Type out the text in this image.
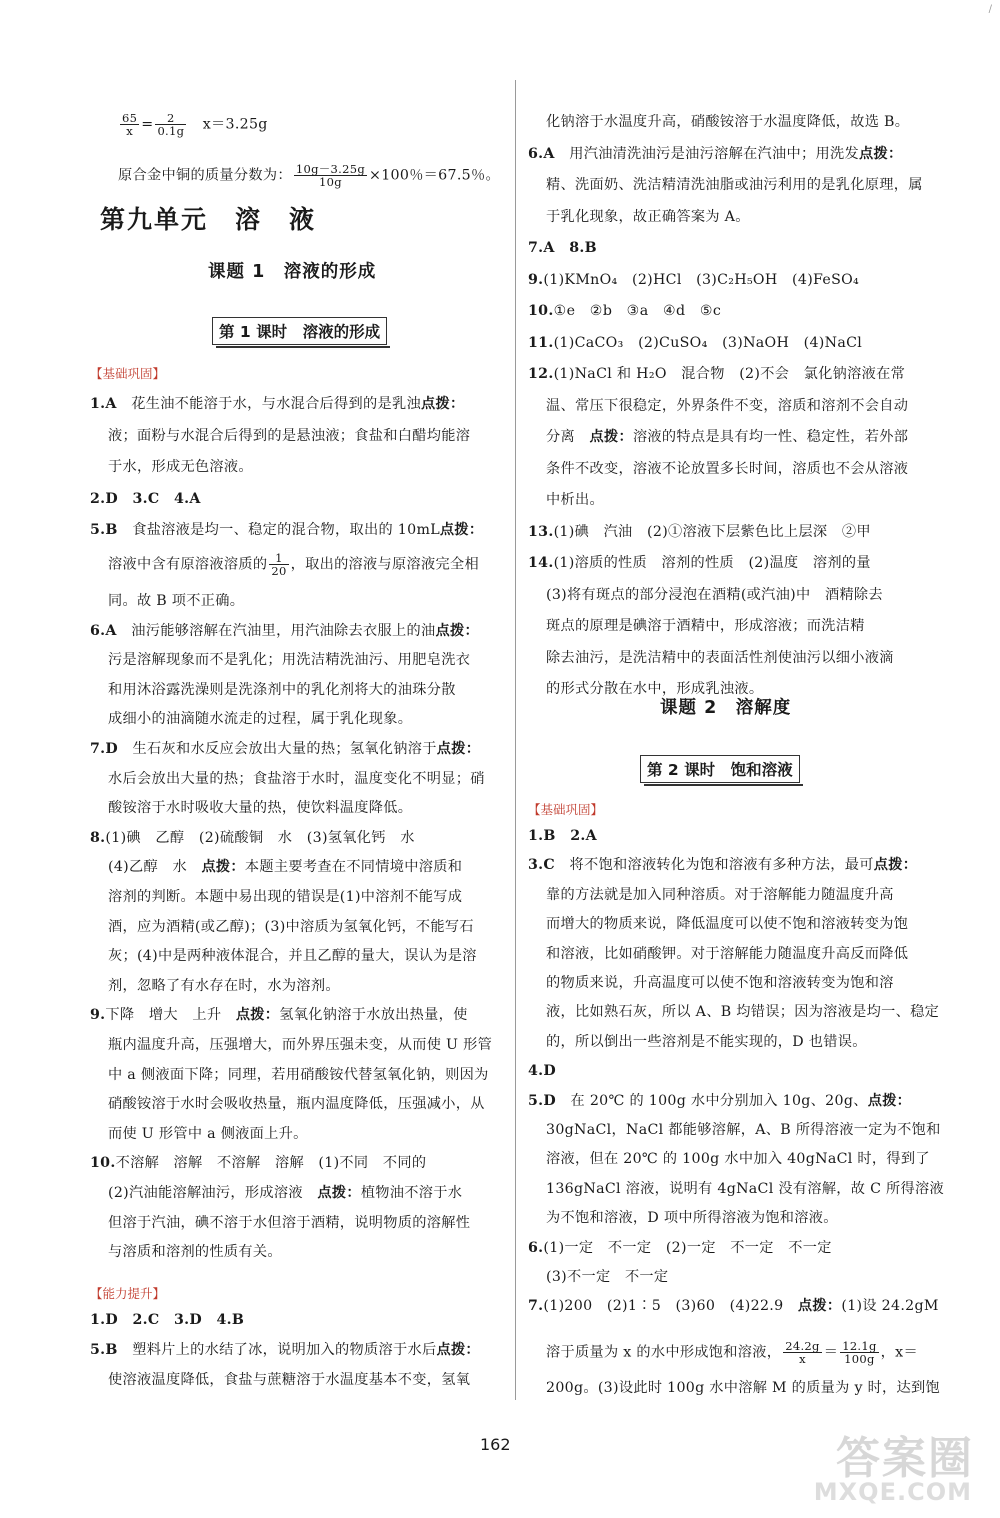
/
$\frac{65}{x} = \frac{2}{0.1g} x=3.25g$
原合金中铜的质量分数为： $\frac{10g-3.25g}{10g} \times 100$％＝67.5％。
第九单元　溶　液
课题 1　溶液的形成
第 1 课时　溶液的形成
【基础巩固】
1.A　花生油不能溶于水，与水混合后得到的是乳浊点拨：
液；面粉与水混合后得到的是悬浊液；食盐和白醋均能溶
于水，形成无色溶液。
2.D　3.C　4.A
5.B　食盐溶液是均一、稳定的混合物，取出的 10mL点拨：
溶液中含有原溶液溶质的 $\frac{1}{20}$ ，取出的溶液与原溶液完全相
同。故 B 项不正确。
6.A　油污能够溶解在汽油里，用汽油除去衣服上的油点拨：
污是溶解现象而不是乳化；用洗洁精洗油污、用肥皂洗衣
和用沐浴露洗澡则是洗涤剂中的乳化剂将大的油珠分散
成细小的油滴随水流走的过程，属于乳化现象。
7.D　生石灰和水反应会放出大量的热；氢氧化钠溶于点拨：
水后会放出大量的热；食盐溶于水时，温度变化不明显；硝
酸铵溶于水时吸收大量的热，使饮料温度降低。
8.(1)碘　乙醇　(2)硫酸铜　水　(3)氢氧化钙　水
(4)乙醇　水　点拨：本题主要考查在不同情境中溶质和
溶剂的判断。本题中易出现的错误是(1)中溶剂不能写成
酒，应为酒精(或乙醇)；(3)中溶质为氢氧化钙，不能写石
灰；(4)中是两种液体混合，并且乙醇的量大，误认为是溶
剂，忽略了有水存在时，水为溶剂。
9.下降　增大　上升　点拨：氢氧化钠溶于水放出热量，使
瓶内温度升高，压强增大，而外界压强未变，从而使 U 形管
中 a 侧液面下降；同理，若用硝酸铵代替氢氧化钠，则因为
硝酸铵溶于水时会吸收热量，瓶内温度降低，压强减小，从
而使 U 形管中 a 侧液面上升。
10.不溶解　溶解　不溶解　溶解　(1)不同　不同的
(2)汽油能溶解油污，形成溶液　点拨：植物油不溶于水
但溶于汽油，碘不溶于水但溶于酒精，说明物质的溶解性
与溶质和溶剂的性质有关。
【能力提升】
1.D　2.C　3.D　4.B
5.B　塑料片上的水结了冰，说明加入的物质溶于水后点拨：
使溶液温度降低，食盐与蔗糖溶于水温度基本不变，氢氧
化钠溶于水温度升高，硝酸铵溶于水温度降低，故选 B。
6.A　用汽油清洗油污是油污溶解在汽油中；用洗发点拨：
精、洗面奶、洗洁精清洗油脂或油污利用的是乳化原理，属
于乳化现象，故正确答案为 A。
7.A　8.B
9.(1)KMnO₄　(2)HCl　(3)C₂H₅OH　(4)FeSO₄
10.①e　②b　③a　④d　⑤c
11.(1)CaCO₃　(2)CuSO₄　(3)NaOH　(4)NaCl
12.(1)NaCl 和 H₂O　混合物　(2)不会　氯化钠溶液在常
温、常压下很稳定，外界条件不变，溶质和溶剂不会自动
分离　点拨：溶液的特点是具有均一性、稳定性，若外部
条件不改变，溶液不论放置多长时间，溶质也不会从溶液
中析出。
13.(1)碘　汽油　(2)①溶液下层紫色比上层深　②甲
14.(1)溶质的性质　溶剂的性质　(2)温度　溶剂的量
(3)将有斑点的部分浸泡在酒精(或汽油)中　酒精除去
斑点的原理是碘溶于酒精中，形成溶液；而洗洁精
除去油污，是洗洁精中的表面活性剂使油污以细小液滴
的形式分散在水中，形成乳浊液。
课题 2　溶解度
第 2 课时　饱和溶液
【基础巩固】
1.B　2.A
3.C　将不饱和溶液转化为饱和溶液有多种方法，最可点拨：
靠的方法就是加入同种溶质。对于溶解能力随温度升高
而增大的物质来说，降低温度可以使不饱和溶液转变为饱
和溶液，比如硝酸钾。对于溶解能力随温度升高反而降低
的物质来说，升高温度可以使不饱和溶液转变为饱和溶
液，比如熟石灰，所以 A、B 均错误；因为溶液是均一、稳定
的，所以倒出一些溶剂是不能实现的，D 也错误。
4.D
5.D　在 20℃ 的 100g 水中分别加入 10g、20g、点拨：
30gNaCl，NaCl 都能够溶解，A、B 所得溶液一定为不饱和
溶液，但在 20℃ 的 100g 水中加入 40gNaCl 时，得到了
136gNaCl 溶液，说明有 4gNaCl 没有溶解，故 C 所得溶液
为不饱和溶液，D 项中所得溶液为饱和溶液。
6.(1)一定　不一定　(2)一定　不一定　不一定
(3)不一定　不一定
7.(1)200　(2)1∶5　(3)60　(4)22.9　点拨：(1)设 24.2gM
溶于质量为 x 的水中形成饱和溶液， $\frac{24.2g}{x} = \frac{12.1g}{100g}$ ，x＝
200g。(3)设此时 100g 水中溶解 M 的质量为 y 时，达到饱
162	答案圈
MXQE.COM
